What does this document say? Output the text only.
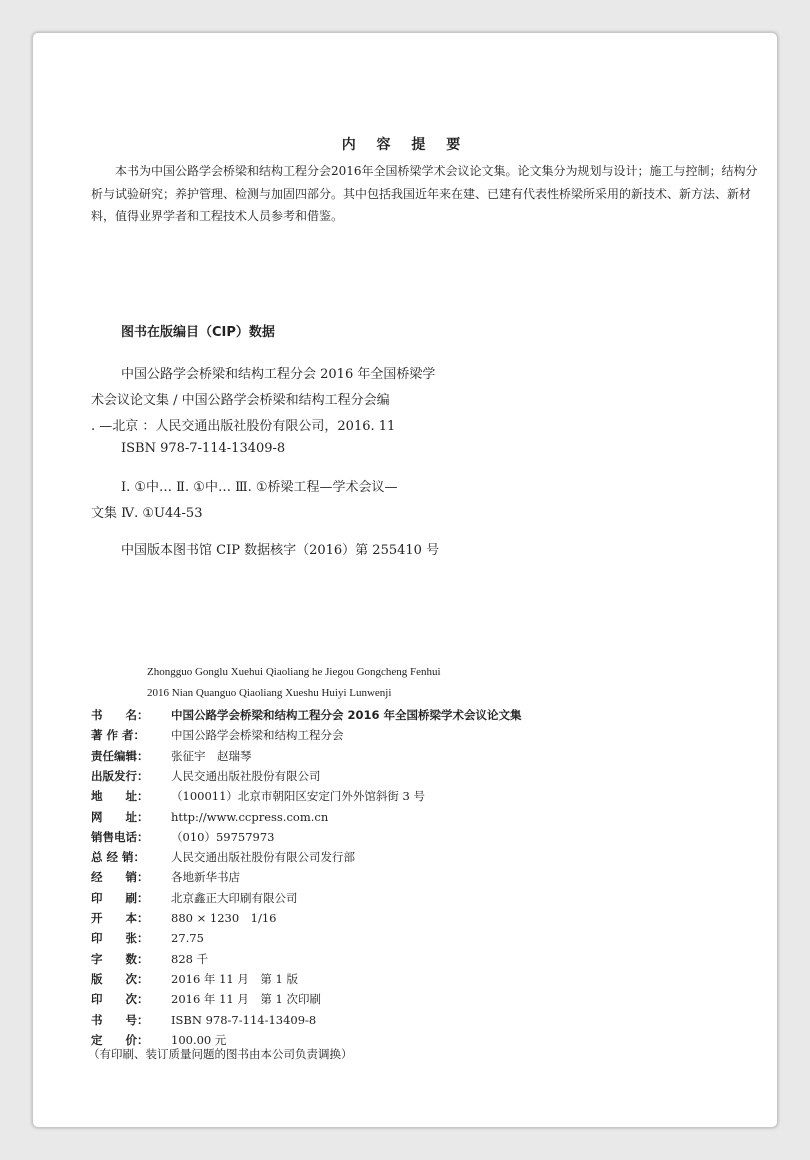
内 容 提 要

本书为中国公路学会桥梁和结构工程分会2016年全国桥梁学术会议论文集。论文集分为规划与设计；施工与控制；结构分析与试验研究；养护管理、检测与加固四部分。其中包括我国近年来在建、已建有代表性桥梁所采用的新技术、新方法、新材料，值得业界学者和工程技术人员参考和借鉴。

图书在版编目（CIP）数据
中国公路学会桥梁和结构工程分会 2016 年全国桥梁学
术会议论文集 / 中国公路学会桥梁和结构工程分会编
. —北京 ：人民交通出版社股份有限公司，2016. 11
ISBN 978-7-114-13409-8
Ⅰ. ①中… Ⅱ. ①中… Ⅲ. ①桥梁工程—学术会议—
文集 Ⅳ. ①U44-53
中国版本图书馆 CIP 数据核字（2016）第 255410 号
Zhongguo Gonglu Xuehui Qiaoliang he Jiegou Gongcheng Fenhui
2016 Nian Quanguo Qiaoliang Xueshu Huiyi Lunwenji
书　　名： 中国公路学会桥梁和结构工程分会 2016 年全国桥梁学术会议论文集
著 作 者： 中国公路学会桥梁和结构工程分会
责任编辑： 张征宇　赵瑞琴
出版发行： 人民交通出版社股份有限公司
地　　址： （100011）北京市朝阳区安定门外外馆斜街 3 号
网　　址： http://www.ccpress.com.cn
销售电话： （010）59757973
总 经 销： 人民交通出版社股份有限公司发行部
经　　销： 各地新华书店
印　　刷： 北京鑫正大印刷有限公司
开　　本： 880 × 1230　1/16
印　　张： 27.75
字　　数： 828 千
版　　次： 2016 年 11 月　第 1 版
印　　次： 2016 年 11 月　第 1 次印刷
书　　号： ISBN 978-7-114-13409-8
定　　价： 100.00 元
（有印刷、装订质量问题的图书由本公司负责调换）
